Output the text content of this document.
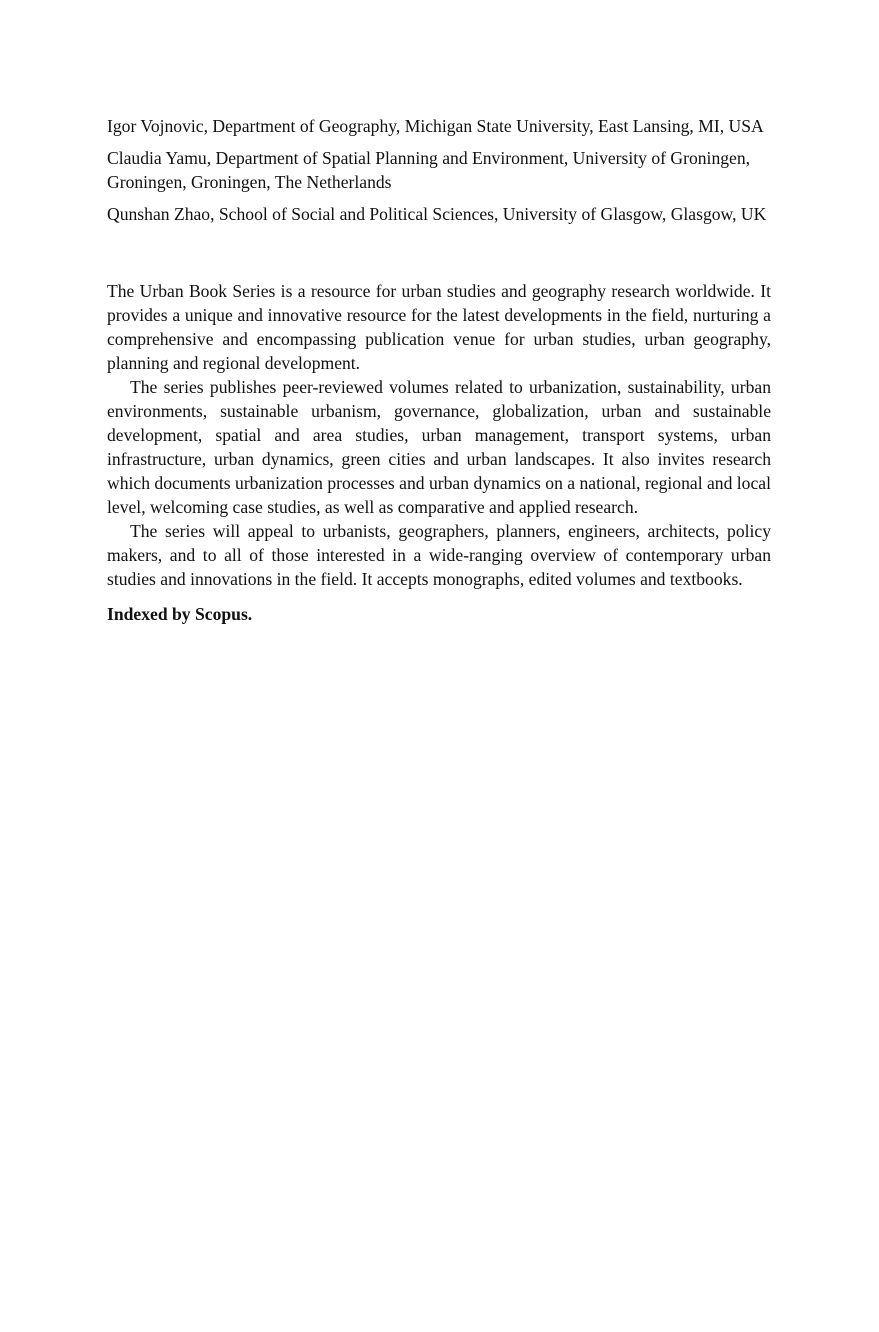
Igor Vojnovic, Department of Geography, Michigan State University, East Lansing, MI, USA

Claudia Yamu, Department of Spatial Planning and Environment, University of Groningen, Groningen, Groningen, The Netherlands

Qunshan Zhao, School of Social and Political Sciences, University of Glasgow, Glasgow, UK

The Urban Book Series is a resource for urban studies and geography research worldwide. It provides a unique and innovative resource for the latest developments in the field, nurturing a comprehensive and encompassing publication venue for urban studies, urban geography, planning and regional development.

The series publishes peer-reviewed volumes related to urbanization, sustainability, urban environments, sustainable urbanism, governance, globalization, urban and sustainable development, spatial and area studies, urban management, transport systems, urban infrastructure, urban dynamics, green cities and urban landscapes. It also invites research which documents urbanization processes and urban dynamics on a national, regional and local level, welcoming case studies, as well as comparative and applied research.

The series will appeal to urbanists, geographers, planners, engineers, architects, policy makers, and to all of those interested in a wide-ranging overview of contemporary urban studies and innovations in the field. It accepts monographs, edited volumes and textbooks.

Indexed by Scopus.
